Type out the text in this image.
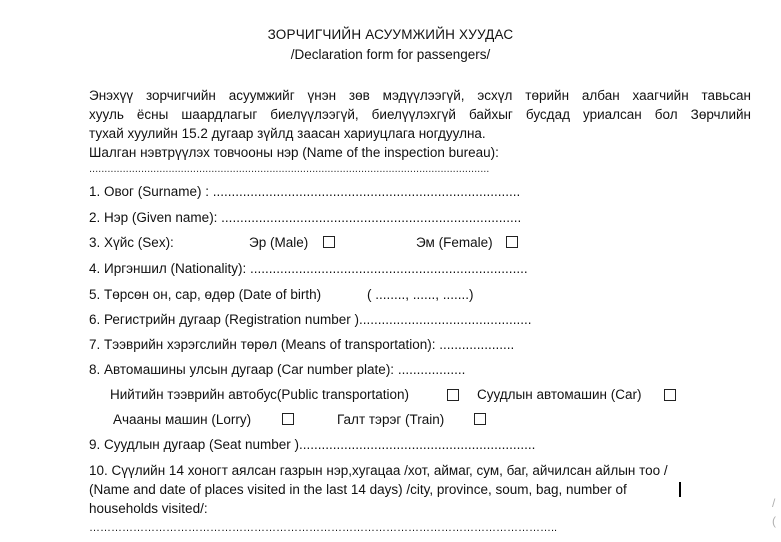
ЗОРЧИГЧИЙН АСУУМЖИЙН ХУУДАС
/Declaration form for passengers/
Энэхүү зорчигчийн асуумжийг үнэн зөв мэдүүлээгүй, эсхүл төрийн албан хаагчийн тавьсан
хууль ёсны шаардлагыг биелүүлээгүй, биелүүлэхгүй байхыг бусдад уриалсан бол Зөрчлийн
тухай хуулийн 15.2 дугаар зүйлд заасан хариуцлага ногдуулна.
Шалган нэвтрүүлэх товчооны нэр (Name of the inspection bureau):
...................................................................................................................................
1. Овог (Surname) : ..................................................................................
2. Нэр (Given name): ................................................................................
3. Хүйс (Sex):	Эр (Male)	Эм (Female)
4. Иргэншил (Nationality): ..........................................................................
5. Төрсөн он, сар, өдөр (Date of birth)	( ........, ......, .......)
6. Регистрийн дугаар (Registration number )..............................................
7. Тээврийн хэрэгслийн төрөл (Means of transportation): ....................
8. Автомашины улсын дугаар (Car number plate): ..................
Нийтийн тээврийн автобус(Public transportation)	Суудлын автомашин (Car)
Ачааны машин (Lorry)	Галт тэрэг (Train)
9. Суудлын дугаар (Seat number )...............................................................
10. Сүүлийн 14 хоногт аялсан газрын нэр,хугацаа /хот, аймаг, сум, баг, айчилсан айлын тоо /
(Name and date of places visited in the last 14 days) /city, province, soum, bag, number of
households visited/:
………………………………………………………………………………………………………………..
/
(
